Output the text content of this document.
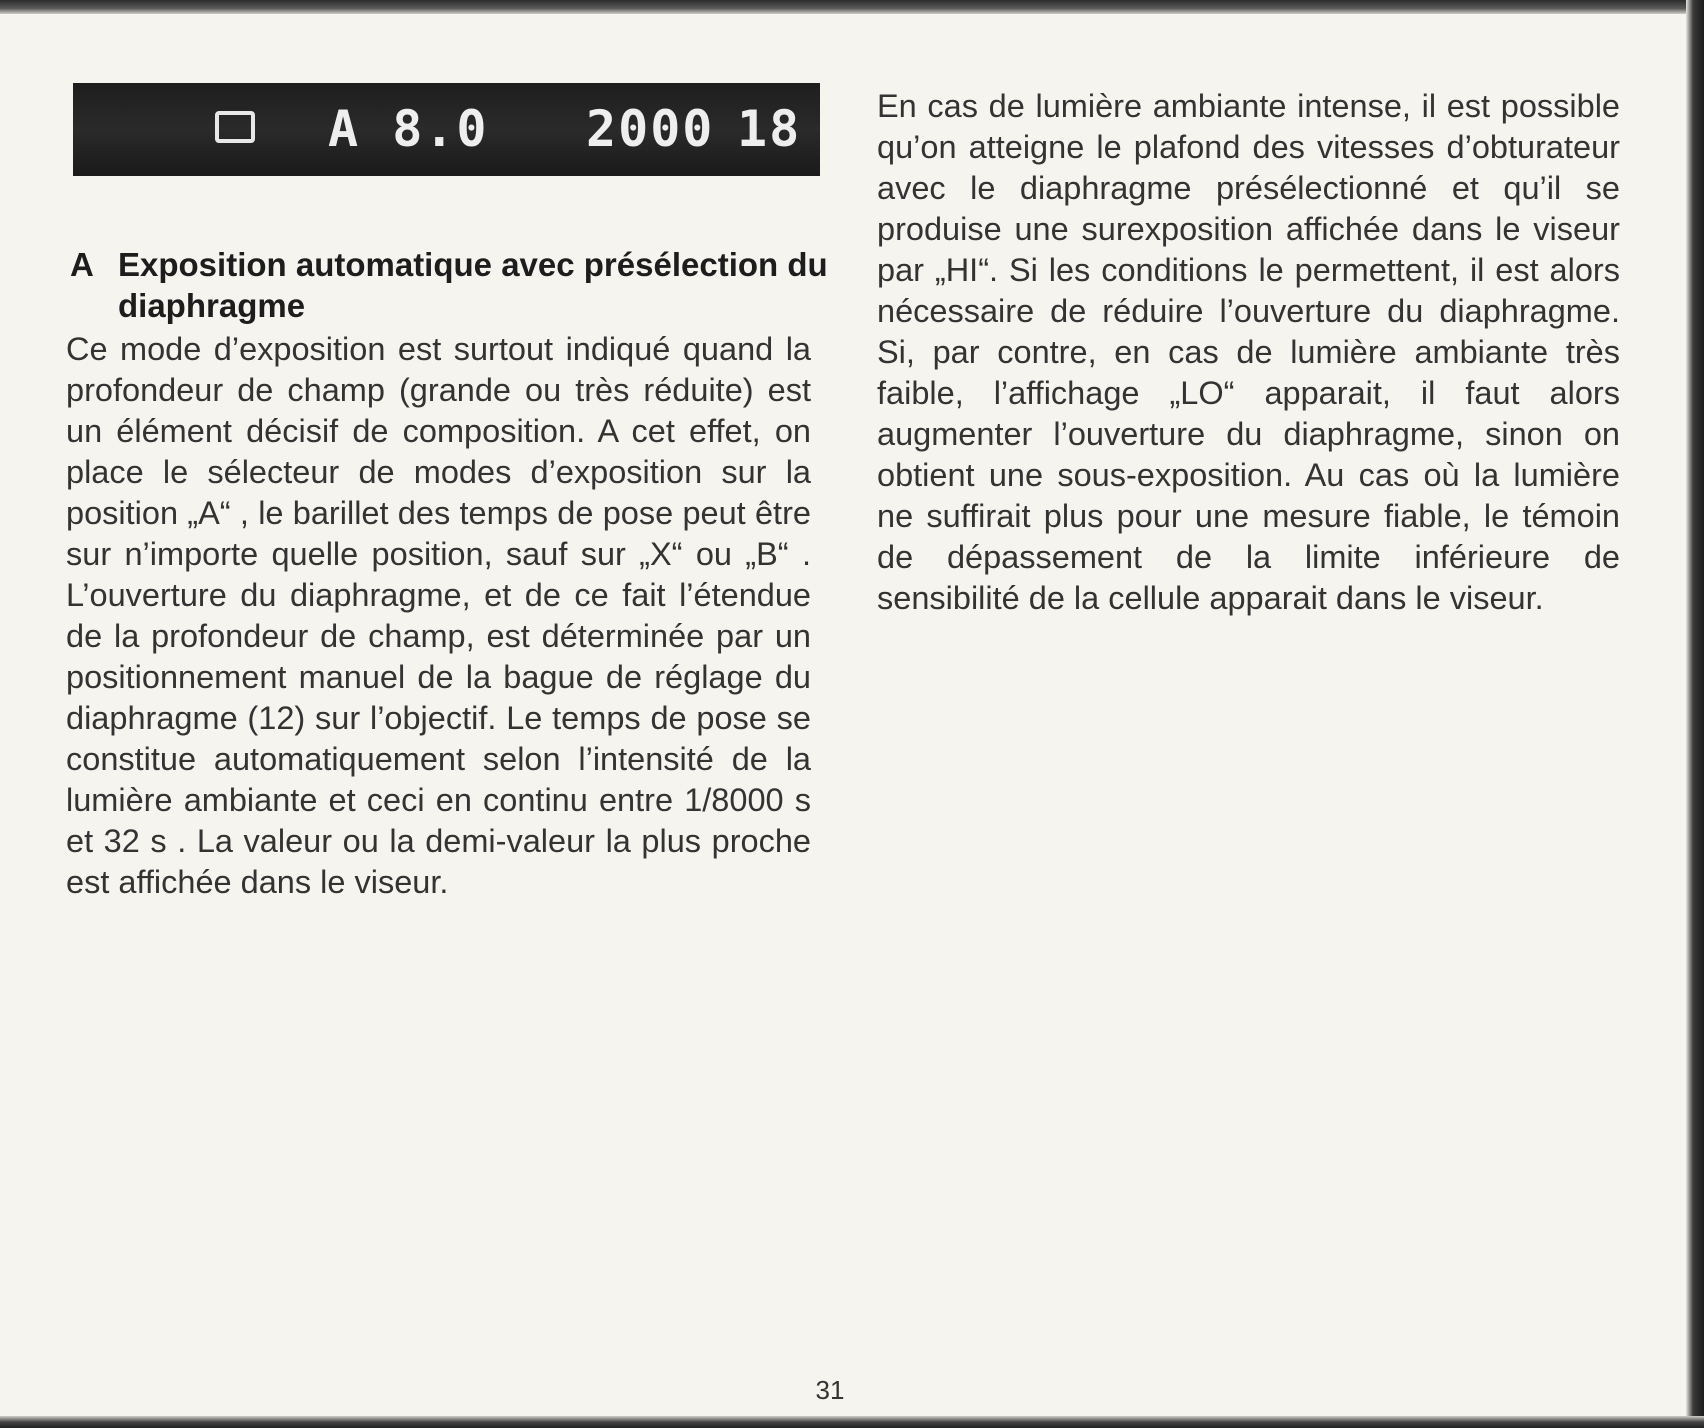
A 8.0 2000 18
A Exposition automatique avec présélection du diaphragme

Ce mode d’exposition est surtout indiqué quand la profondeur de champ (grande ou très réduite) est un élément décisif de composition. A cet effet, on place le sélecteur de modes d’exposition sur la position „A“ , le barillet des temps de pose peut être sur n’importe quelle position, sauf sur „X“ ou „B“ . L’ouverture du diaphragme, et de ce fait l’étendue de la profondeur de champ, est déterminée par un positionnement manuel de la bague de réglage du diaphragme (12) sur l’objectif. Le temps de pose se constitue automatiquement selon l’intensité de la lumière ambiante et ceci en continu entre 1/8000 s et 32 s . La valeur ou la demi-valeur la plus proche est affichée dans le viseur.

En cas de lumière ambiante intense, il est possible qu’on atteigne le plafond des vitesses d’obturateur avec le diaphragme présélectionné et qu’il se produise une surexposition affichée dans le viseur par „HI“. Si les conditions le permettent, il est alors nécessaire de réduire l’ouverture du diaphragme. Si, par contre, en cas de lumière ambiante très faible, l’affichage „LO“ apparait, il faut alors augmenter l’ouverture du diaphragme, sinon on obtient une sous-exposition. Au cas où la lumière ne suffirait plus pour une mesure fiable, le témoin de dépassement de la limite inférieure de sensibilité de la cellule apparait dans le viseur.

31
